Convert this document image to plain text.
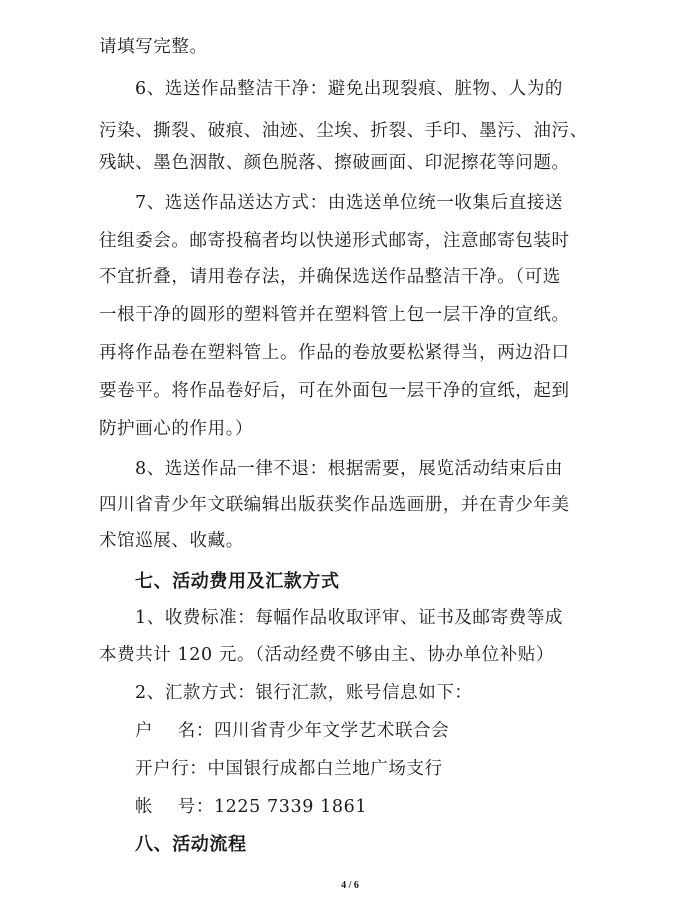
请填写完整。
6、选送作品整洁干净：避免出现裂痕、脏物、人为的
污染、撕裂、破痕、油迹、尘埃、折裂、手印、墨污、油污、
残缺、墨色洇散、颜色脱落、擦破画面、印泥擦花等问题。
7、选送作品送达方式：由选送单位统一收集后直接送
往组委会。邮寄投稿者均以快递形式邮寄，注意邮寄包装时
不宜折叠，请用卷存法，并确保选送作品整洁干净。（可选
一根干净的圆形的塑料管并在塑料管上包一层干净的宣纸。
再将作品卷在塑料管上。作品的卷放要松紧得当，两边沿口
要卷平。将作品卷好后，可在外面包一层干净的宣纸，起到
防护画心的作用。）
8、选送作品一律不退：根据需要，展览活动结束后由
四川省青少年文联编辑出版获奖作品选画册，并在青少年美
术馆巡展、收藏。
七、活动费用及汇款方式
1、收费标准：每幅作品收取评审、证书及邮寄费等成
本费共计 120 元。（活动经费不够由主、协办单位补贴）
2、汇款方式：银行汇款，账号信息如下：
户    名：四川省青少年文学艺术联合会
开户行：中国银行成都白兰地广场支行
帐    号：1225 7339 1861
八、活动流程
4 / 6
